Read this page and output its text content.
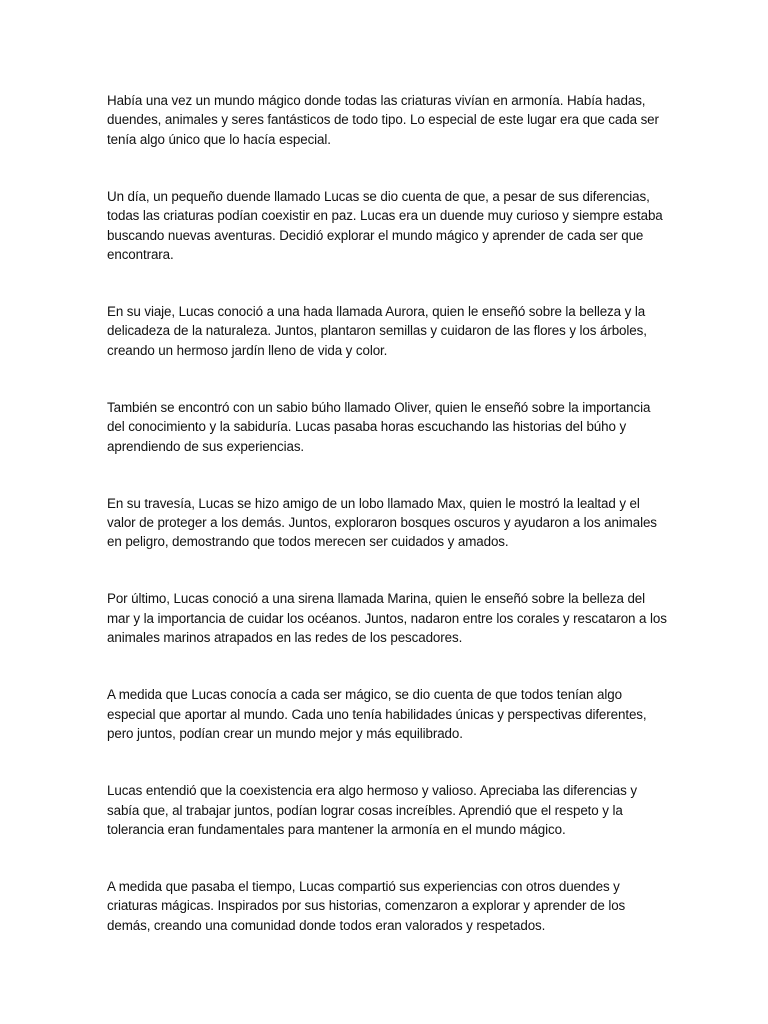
Había una vez un mundo mágico donde todas las criaturas vivían en armonía. Había hadas, duendes, animales y seres fantásticos de todo tipo. Lo especial de este lugar era que cada ser tenía algo único que lo hacía especial.

Un día, un pequeño duende llamado Lucas se dio cuenta de que, a pesar de sus diferencias, todas las criaturas podían coexistir en paz. Lucas era un duende muy curioso y siempre estaba buscando nuevas aventuras. Decidió explorar el mundo mágico y aprender de cada ser que encontrara.

En su viaje, Lucas conoció a una hada llamada Aurora, quien le enseñó sobre la belleza y la delicadeza de la naturaleza. Juntos, plantaron semillas y cuidaron de las flores y los árboles, creando un hermoso jardín lleno de vida y color.

También se encontró con un sabio búho llamado Oliver, quien le enseñó sobre la importancia del conocimiento y la sabiduría. Lucas pasaba horas escuchando las historias del búho y aprendiendo de sus experiencias.

En su travesía, Lucas se hizo amigo de un lobo llamado Max, quien le mostró la lealtad y el valor de proteger a los demás. Juntos, exploraron bosques oscuros y ayudaron a los animales en peligro, demostrando que todos merecen ser cuidados y amados.

Por último, Lucas conoció a una sirena llamada Marina, quien le enseñó sobre la belleza del mar y la importancia de cuidar los océanos. Juntos, nadaron entre los corales y rescataron a los animales marinos atrapados en las redes de los pescadores.

A medida que Lucas conocía a cada ser mágico, se dio cuenta de que todos tenían algo especial que aportar al mundo. Cada uno tenía habilidades únicas y perspectivas diferentes, pero juntos, podían crear un mundo mejor y más equilibrado.

Lucas entendió que la coexistencia era algo hermoso y valioso. Apreciaba las diferencias y sabía que, al trabajar juntos, podían lograr cosas increíbles. Aprendió que el respeto y la tolerancia eran fundamentales para mantener la armonía en el mundo mágico.

A medida que pasaba el tiempo, Lucas compartió sus experiencias con otros duendes y criaturas mágicas. Inspirados por sus historias, comenzaron a explorar y aprender de los demás, creando una comunidad donde todos eran valorados y respetados.
